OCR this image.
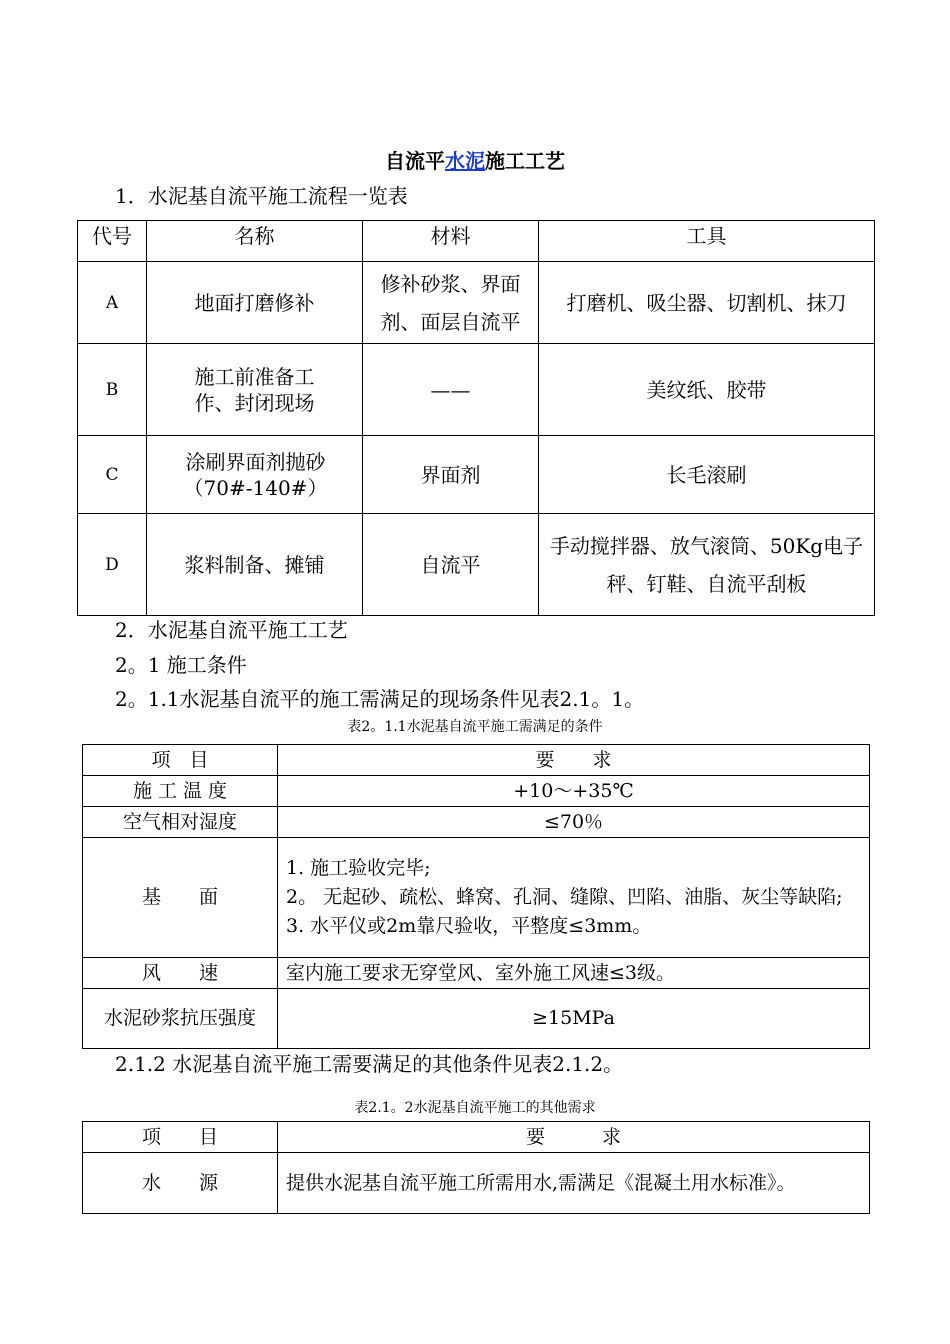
自流平水泥施工工艺
1．水泥基自流平施工流程一览表
代号	名称	材料	工具
A	地面打磨修补	修补砂浆、界面剂、面层自流平	打磨机、吸尘器、切割机、抹刀
B	施工前准备工作、封闭现场	——	美纹纸、胶带
C	涂刷界面剂抛砂（70#-140#）	界面剂	长毛滚刷
D	浆料制备、摊铺	自流平	手动搅拌器、放气滚筒、50Kg电子秤、钉鞋、自流平刮板
2．水泥基自流平施工工艺
2。1 施工条件
2。1.1水泥基自流平的施工需满足的现场条件见表2.1。1。
表2。1.1水泥基自流平施工需满足的条件
项　目	要　　求
施 工 温 度	+10～+35℃
空气相对湿度	≤70％
基　　面	1. 施工验收完毕;
2。 无起砂、疏松、蜂窝、孔洞、缝隙、凹陷、油脂、灰尘等缺陷;
3. 水平仪或2m靠尺验收，平整度≤3mm。

风　　速	室内施工要求无穿堂风、室外施工风速≤3级。
水泥砂浆抗压强度	≥15MPa
2.1.2 水泥基自流平施工需要满足的其他条件见表2.1.2。
表2.1。2水泥基自流平施工的其他需求
项　　目	要　　　求
水　　源	提供水泥基自流平施工所需用水,需满足《混凝土用水标准》。
